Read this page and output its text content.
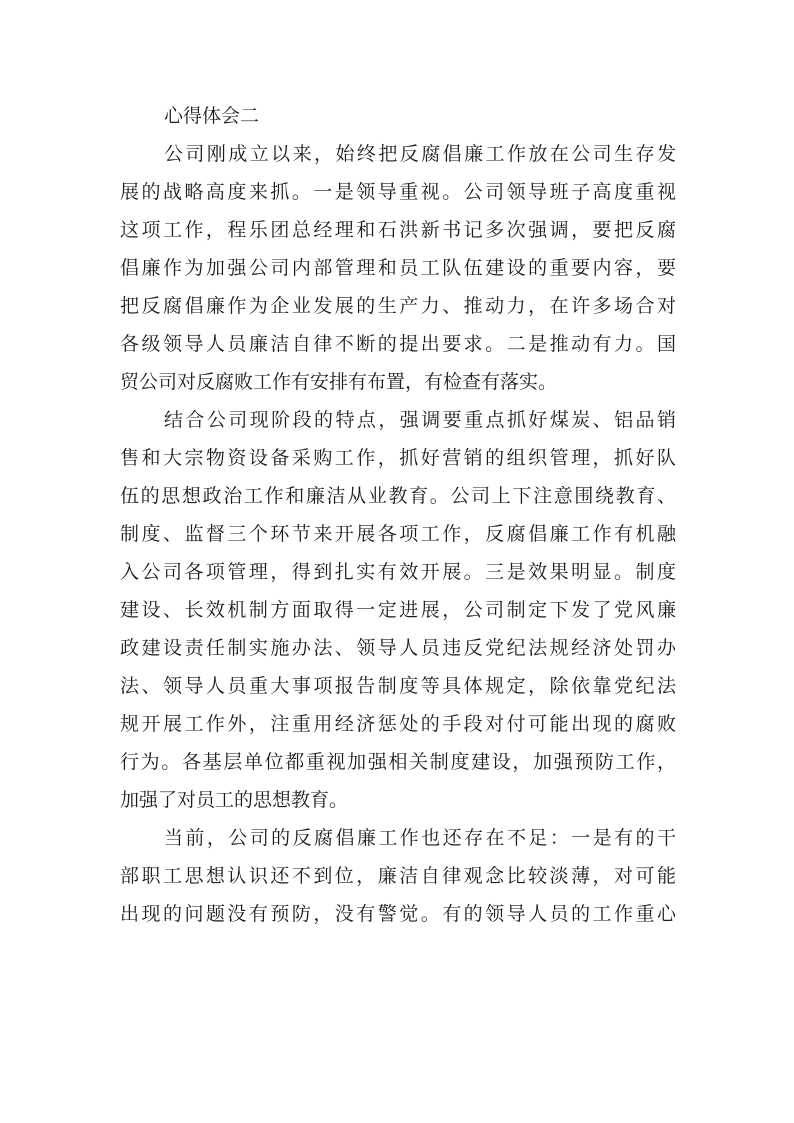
心得体会二
公司刚成立以来，始终把反腐倡廉工作放在公司生存发
展的战略高度来抓。一是领导重视。公司领导班子高度重视
这项工作，程乐团总经理和石洪新书记多次强调，要把反腐
倡廉作为加强公司内部管理和员工队伍建设的重要内容，要
把反腐倡廉作为企业发展的生产力、推动力，在许多场合对
各级领导人员廉洁自律不断的提出要求。二是推动有力。国
贸公司对反腐败工作有安排有布置，有检查有落实。
结合公司现阶段的特点，强调要重点抓好煤炭、铝品销
售和大宗物资设备采购工作，抓好营销的组织管理，抓好队
伍的思想政治工作和廉洁从业教育。公司上下注意围绕教育、
制度、监督三个环节来开展各项工作，反腐倡廉工作有机融
入公司各项管理，得到扎实有效开展。三是效果明显。制度
建设、长效机制方面取得一定进展，公司制定下发了党风廉
政建设责任制实施办法、领导人员违反党纪法规经济处罚办
法、领导人员重大事项报告制度等具体规定，除依靠党纪法
规开展工作外，注重用经济惩处的手段对付可能出现的腐败
行为。各基层单位都重视加强相关制度建设，加强预防工作，
加强了对员工的思想教育。
当前，公司的反腐倡廉工作也还存在不足：一是有的干
部职工思想认识还不到位，廉洁自律观念比较淡薄，对可能
出现的问题没有预防，没有警觉。有的领导人员的工作重心
